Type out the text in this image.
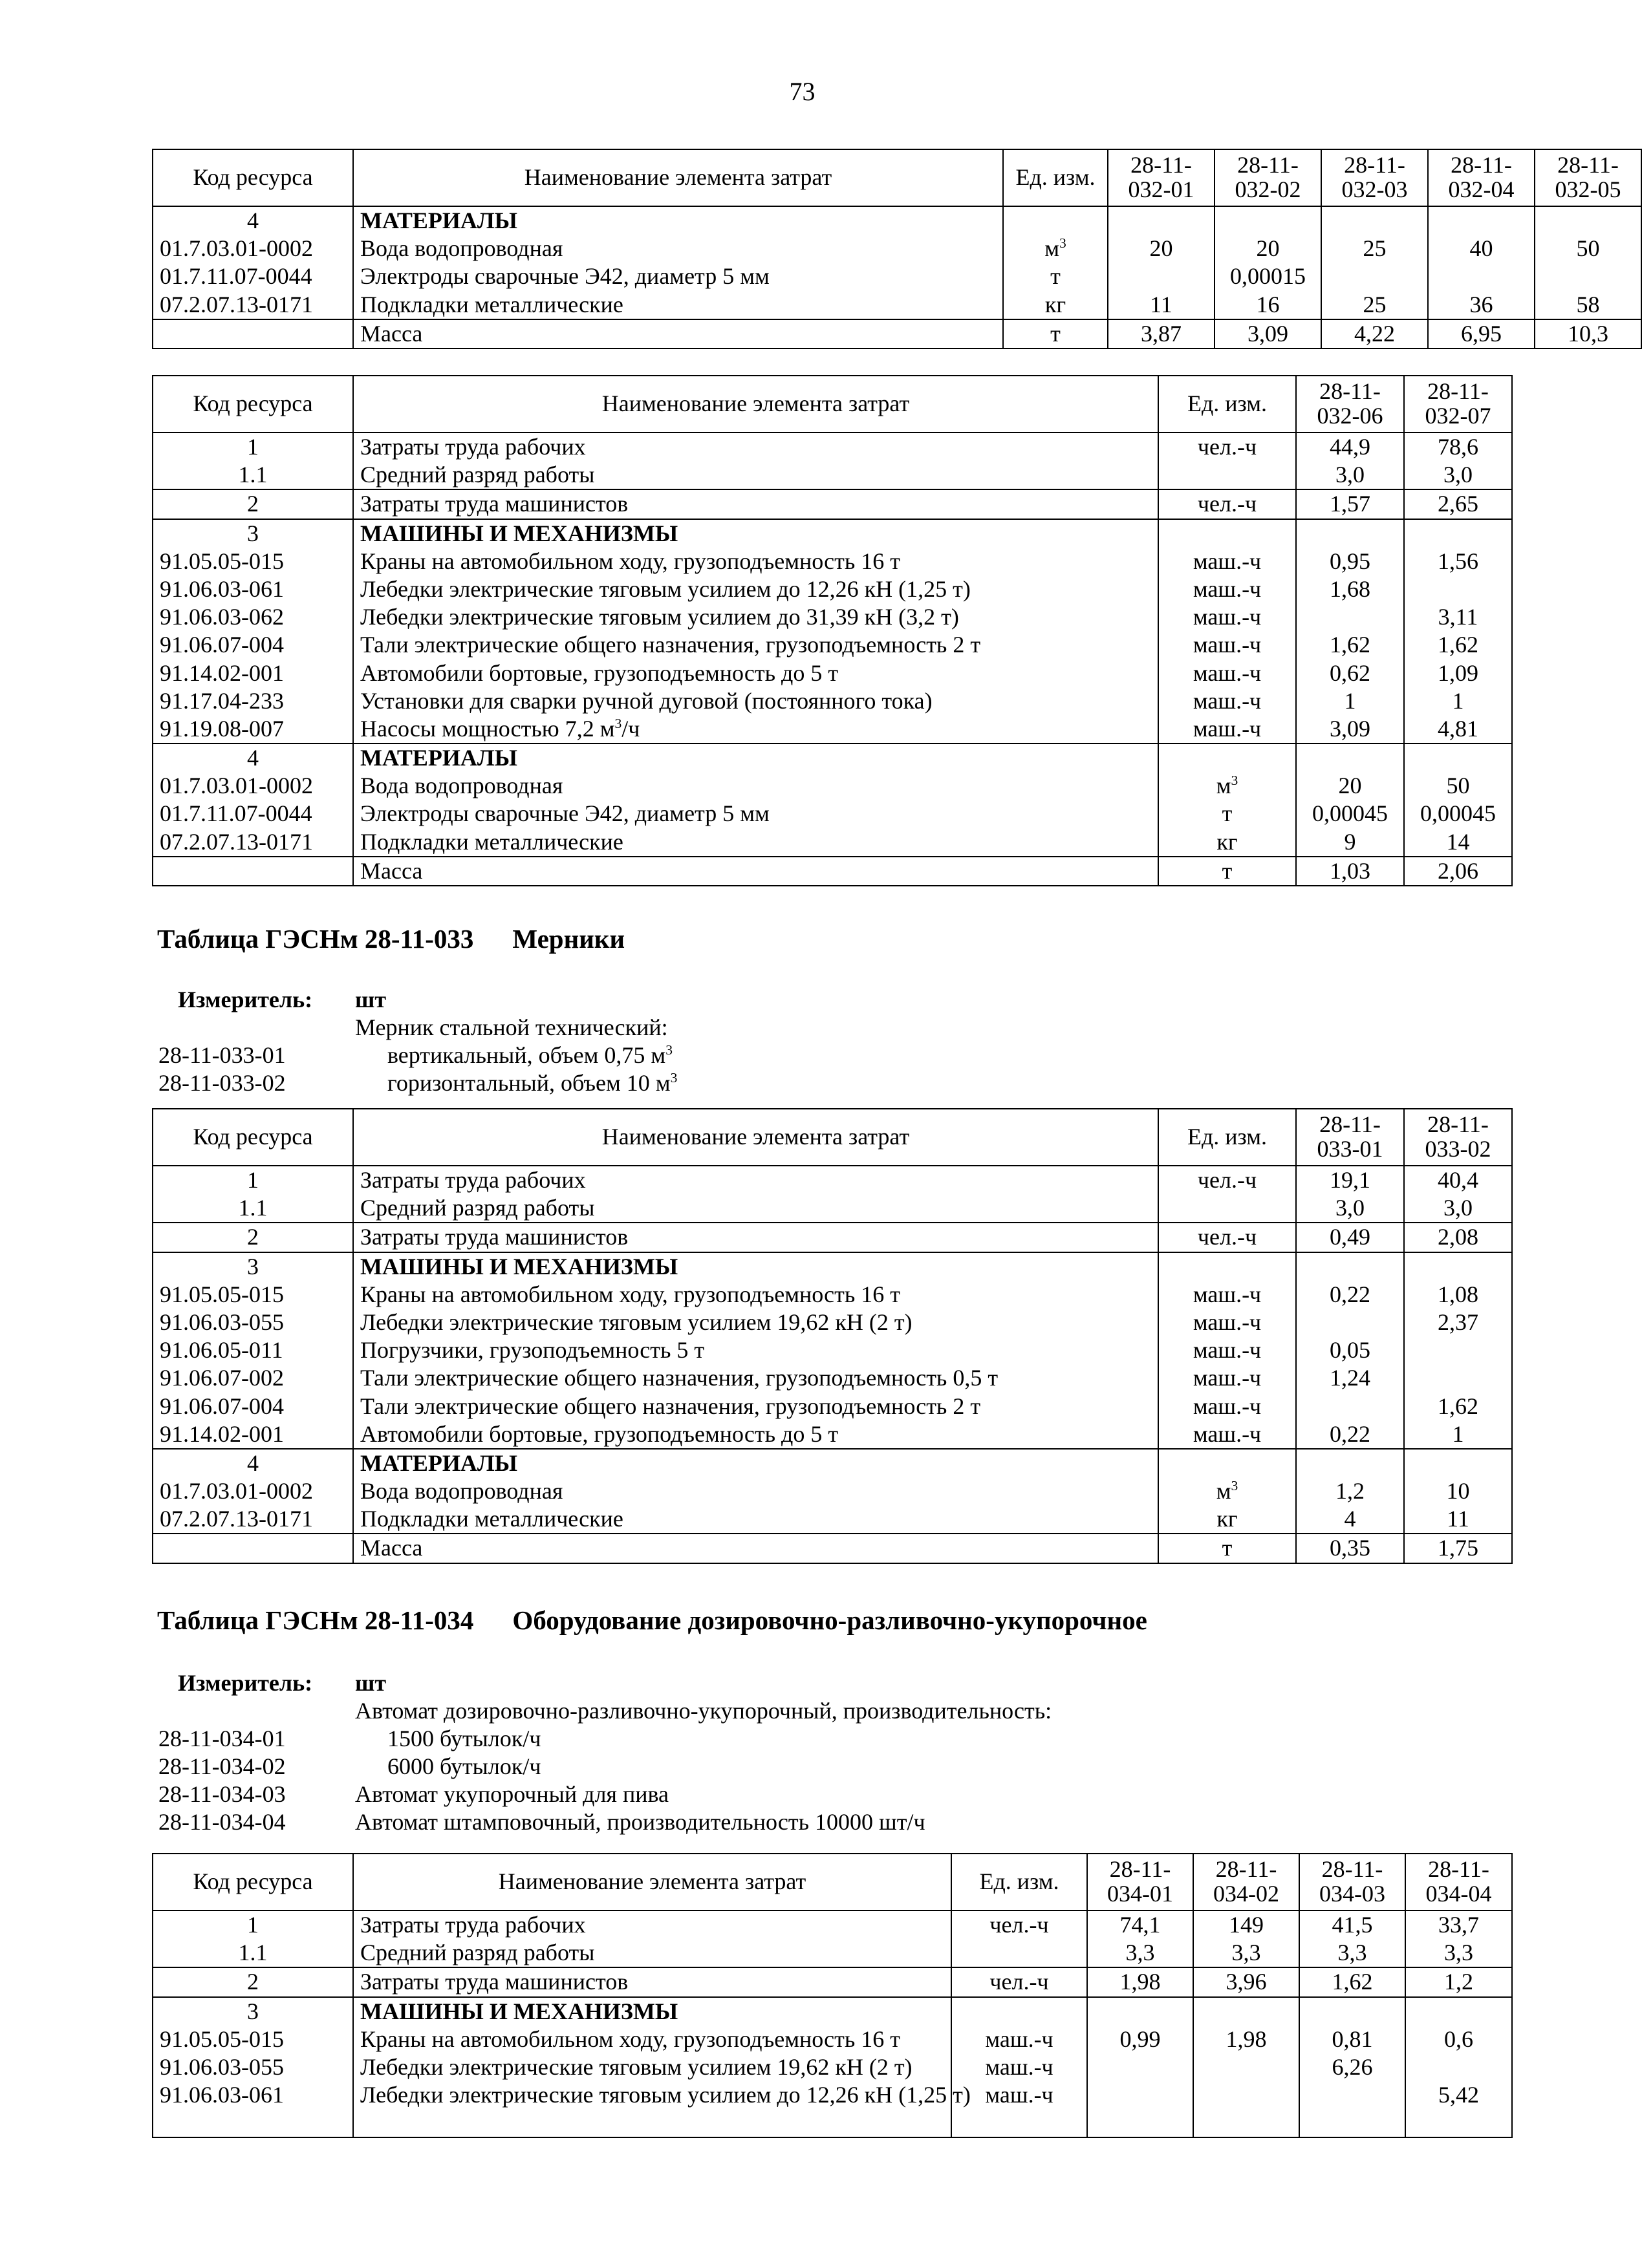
73
Код ресурса	Наименование элемента затрат	Ед. изм.	28-11-
032-01	28-11-
032-02	28-11-
032-03	28-11-
032-04	28-11-
032-05
4	МАТЕРИАЛЫ						
01.7.03.01-0002	Вода водопроводная	$м^3$	20	20	25	40	50
01.7.11.07-0044	Электроды сварочные Э42, диаметр 5 мм	т		0,00015			
07.2.07.13-0171	Подкладки металлические	кг	11	16	25	36	58
	Масса	т	3,87	3,09	4,22	6,95	10,3
Код ресурса	Наименование элемента затрат	Ед. изм.	28-11-
032-06	28-11-
032-07
1	Затраты труда рабочих	чел.-ч	44,9	78,6
1.1	Средний разряд работы		3,0	3,0
2	Затраты труда машинистов	чел.-ч	1,57	2,65
3	МАШИНЫ И МЕХАНИЗМЫ			
91.05.05-015	Краны на автомобильном ходу, грузоподъемность 16 т	маш.-ч	0,95	1,56
91.06.03-061	Лебедки электрические тяговым усилием до 12,26 кН (1,25 т)	маш.-ч	1,68	
91.06.03-062	Лебедки электрические тяговым усилием до 31,39 кН (3,2 т)	маш.-ч		3,11
91.06.07-004	Тали электрические общего назначения, грузоподъемность 2 т	маш.-ч	1,62	1,62
91.14.02-001	Автомобили бортовые, грузоподъемность до 5 т	маш.-ч	0,62	1,09
91.17.04-233	Установки для сварки ручной дуговой (постоянного тока)	маш.-ч	1	1
91.19.08-007	Насосы мощностью 7,2 $м^3/ч$	маш.-ч	3,09	4,81
4	МАТЕРИАЛЫ			
01.7.03.01-0002	Вода водопроводная	$м^3$	20	50
01.7.11.07-0044	Электроды сварочные Э42, диаметр 5 мм	т	0,00045	0,00045
07.2.07.13-0171	Подкладки металлические	кг	9	14
	Масса	т	1,03	2,06
Таблица ГЭСНм 28-11-033 Мерники
Измеритель: шт
Мерник стальной технический:
28-11-033-01	вертикальный, объем 0,75 $м^3$
28-11-033-02	горизонтальный, объем 10 $м^3$
Код ресурса	Наименование элемента затрат	Ед. изм.	28-11-
033-01	28-11-
033-02
1	Затраты труда рабочих	чел.-ч	19,1	40,4
1.1	Средний разряд работы		3,0	3,0
2	Затраты труда машинистов	чел.-ч	0,49	2,08
3	МАШИНЫ И МЕХАНИЗМЫ			
91.05.05-015	Краны на автомобильном ходу, грузоподъемность 16 т	маш.-ч	0,22	1,08
91.06.03-055	Лебедки электрические тяговым усилием 19,62 кН (2 т)	маш.-ч		2,37
91.06.05-011	Погрузчики, грузоподъемность 5 т	маш.-ч	0,05	
91.06.07-002	Тали электрические общего назначения, грузоподъемность 0,5 т	маш.-ч	1,24	
91.06.07-004	Тали электрические общего назначения, грузоподъемность 2 т	маш.-ч		1,62
91.14.02-001	Автомобили бортовые, грузоподъемность до 5 т	маш.-ч	0,22	1
4	МАТЕРИАЛЫ			
01.7.03.01-0002	Вода водопроводная	$м^3$	1,2	10
07.2.07.13-0171	Подкладки металлические	кг	4	11
	Масса	т	0,35	1,75
Таблица ГЭСНм 28-11-034 Оборудование дозировочно-разливочно-укупорочное
Измеритель: шт
Автомат дозировочно-разливочно-укупорочный, производительность:
28-11-034-01	1500 бутылок/ч
28-11-034-02	6000 бутылок/ч
28-11-034-03	Автомат укупорочный для пива
28-11-034-04	Автомат штамповочный, производительность 10000 шт/ч
Код ресурса	Наименование элемента затрат	Ед. изм.	28-11-
034-01	28-11-
034-02	28-11-
034-03	28-11-
034-04
1	Затраты труда рабочих	чел.-ч	74,1	149	41,5	33,7
1.1	Средний разряд работы		3,3	3,3	3,3	3,3
2	Затраты труда машинистов	чел.-ч	1,98	3,96	1,62	1,2
3	МАШИНЫ И МЕХАНИЗМЫ					
91.05.05-015	Краны на автомобильном ходу, грузоподъемность 16 т	маш.-ч	0,99	1,98	0,81	0,6
91.06.03-055	Лебедки электрические тяговым усилием 19,62 кН (2 т)	маш.-ч			6,26	
91.06.03-061	Лебедки электрические тяговым усилием до 12,26 кН (1,25 т)	маш.-ч				5,42
